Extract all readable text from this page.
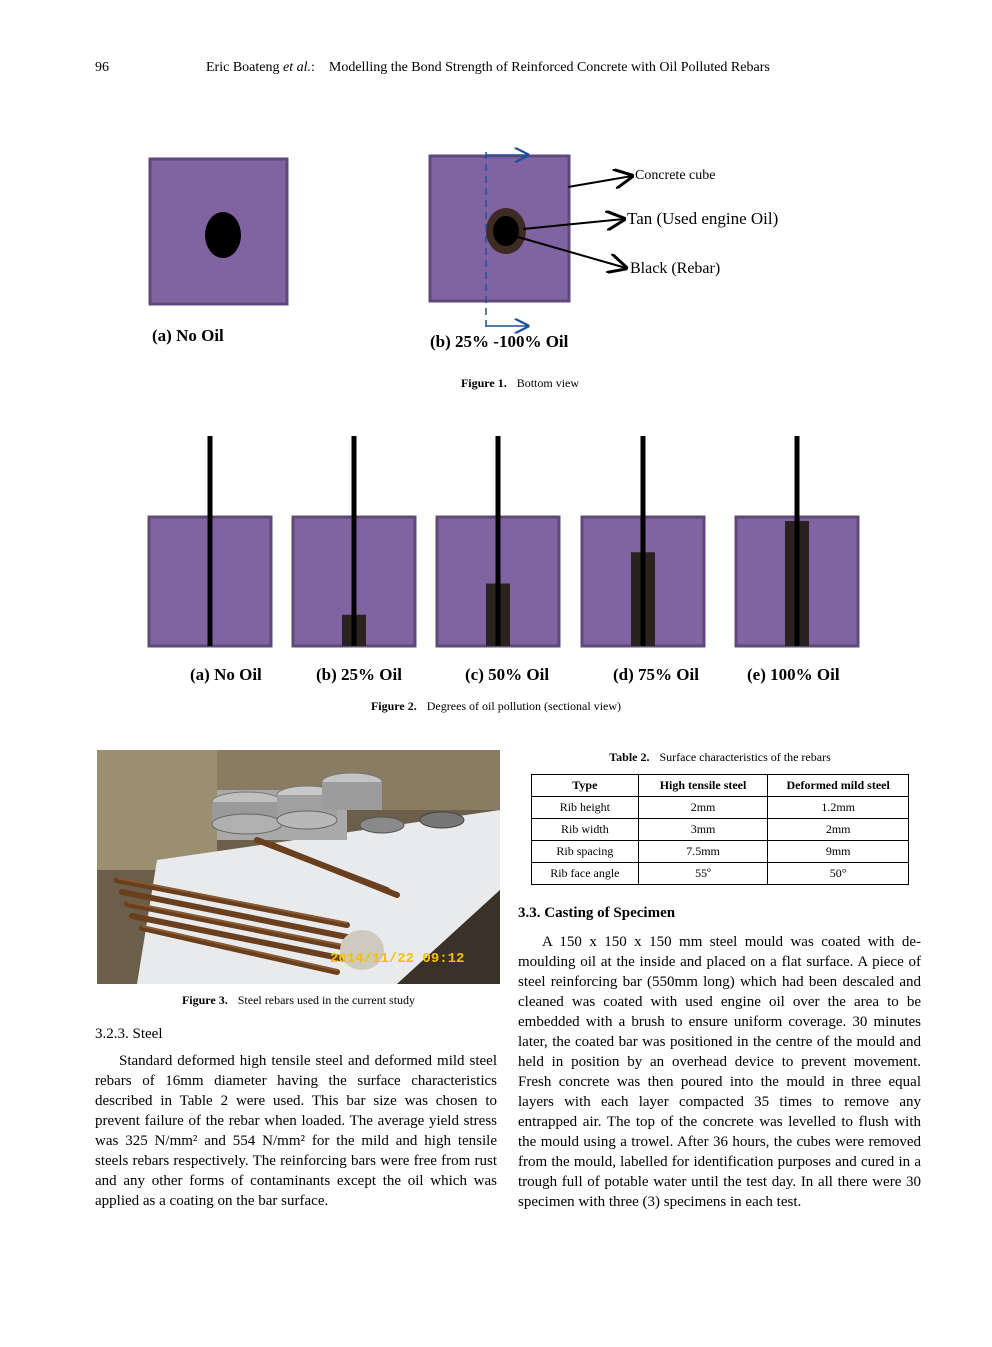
96	Eric Boateng et al.: Modelling the Bond Strength of Reinforced Concrete with Oil Polluted Rebars
Concrete cube
Tan (Used engine Oil)
Black (Rebar)
(a) No Oil	(b) 25% -100% Oil
Figure 1. Bottom view
(a) No Oil	(b) 25% Oil	(c) 50% Oil	(d) 75% Oil	(e) 100% Oil
Figure 2. Degrees of oil pollution (sectional view)
2014/11/22 09:12
Figure 3. Steel rebars used in the current study
3.2.3. Steel

Standard deformed high tensile steel and deformed mild steel rebars of 16mm diameter having the surface characteristics described in Table 2 were used. This bar size was chosen to prevent failure of the rebar when loaded. The average yield stress was 325 N/mm² and 554 N/mm² for the mild and high tensile steels rebars respectively. The reinforcing bars were free from rust and any other forms of contaminants except the oil which was applied as a coating on the bar surface.

Table 2. Surface characteristics of the rebars
Type	High tensile steel	Deformed mild steel
Rib height	2mm	1.2mm
Rib width	3mm	2mm
Rib spacing	7.5mm	9mm
Rib face angle	55º	50°
3.3. Casting of Specimen

A 150 x 150 x 150 mm steel mould was coated with de-moulding oil at the inside and placed on a flat surface. A piece of steel reinforcing bar (550mm long) which had been descaled and cleaned was coated with used engine oil over the area to be embedded with a brush to ensure uniform coverage. 30 minutes later, the coated bar was positioned in the centre of the mould and held in position by an overhead device to prevent movement. Fresh concrete was then poured into the mould in three equal layers with each layer compacted 35 times to remove any entrapped air. The top of the concrete was levelled to flush with the mould using a trowel. After 36 hours, the cubes were removed from the mould, labelled for identification purposes and cured in a trough full of potable water until the test day. In all there were 30 specimen with three (3) specimens in each test.
